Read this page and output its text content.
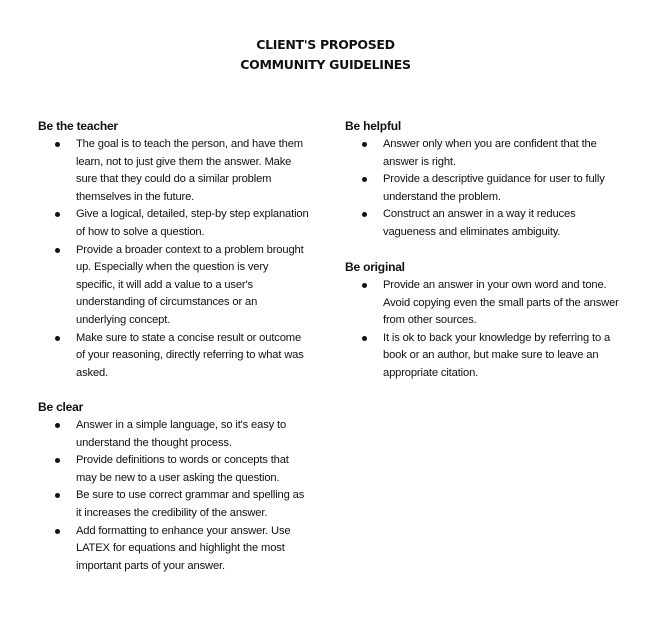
CLIENT'S PROPOSED
COMMUNITY GUIDELINES
Be the teacher
The goal is to teach the person, and have them learn, not to just give them the answer. Make sure that they could do a similar problem themselves in the future.
Give a logical, detailed, step-by step explanation of how to solve a question.
Provide a broader context to a problem brought up. Especially when the question is very specific, it will add a value to a user's understanding of circumstances or an underlying concept.
Make sure to state a concise result or outcome of your reasoning, directly referring to what was asked.
Be clear
Answer in a simple language, so it's easy to understand the thought process.
Provide definitions to words or concepts that may be new to a user asking the question.
Be sure to use correct grammar and spelling as it increases the credibility of the answer.
Add formatting to enhance your answer. Use LATEX for equations and highlight the most important parts of your answer.
Be helpful
Answer only when you are confident that the answer is right.
Provide a descriptive guidance for user to fully understand the problem.
Construct an answer in a way it reduces vagueness and eliminates ambiguity.
Be original
Provide an answer in your own word and tone. Avoid copying even the small parts of the answer from other sources.
It is ok to back your knowledge by referring to a book or an author, but make sure to leave an appropriate citation.
